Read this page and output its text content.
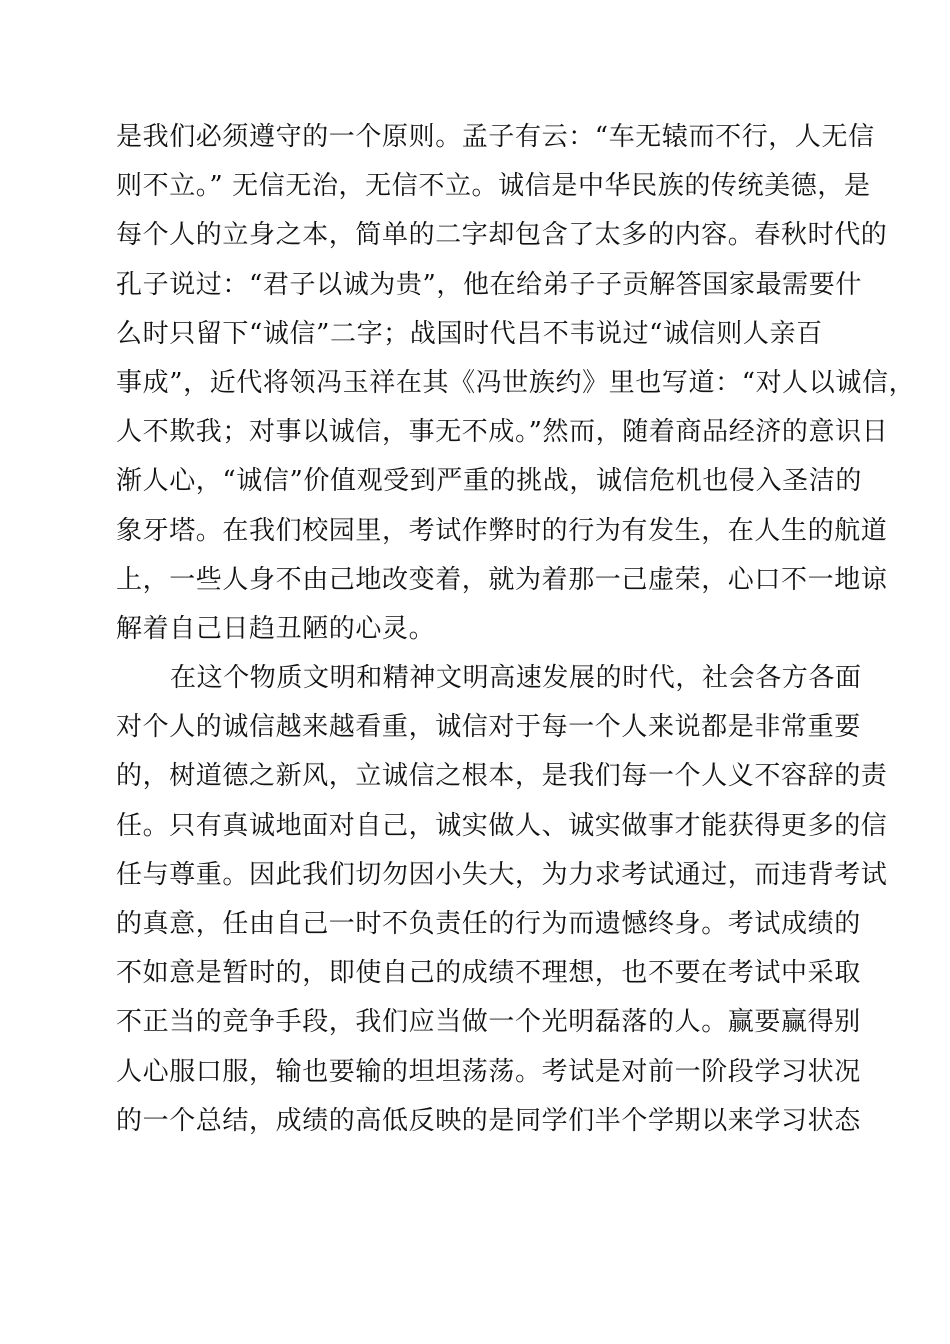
是我们必须遵守的一个原则。孟子有云：“车无辕而不行，人无信
则不立。” 无信无治，无信不立。诚信是中华民族的传统美德，是
每个人的立身之本，简单的二字却包含了太多的内容。春秋时代的
孔子说过：“君子以诚为贵”，他在给弟子子贡解答国家最需要什
么时只留下“诚信”二字；战国时代吕不韦说过“诚信则人亲百
事成”，近代将领冯玉祥在其《冯世族约》里也写道：“对人以诚信，
人不欺我；对事以诚信，事无不成。”然而，随着商品经济的意识日
渐人心，“诚信”价值观受到严重的挑战，诚信危机也侵入圣洁的
象牙塔。在我们校园里，考试作弊时的行为有发生，在人生的航道
上，一些人身不由己地改变着，就为着那一己虚荣，心口不一地谅
解着自己日趋丑陋的心灵。
在这个物质文明和精神文明高速发展的时代，社会各方各面
对个人的诚信越来越看重，诚信对于每一个人来说都是非常重要
的，树道德之新风，立诚信之根本，是我们每一个人义不容辞的责
任。只有真诚地面对自己，诚实做人、诚实做事才能获得更多的信
任与尊重。因此我们切勿因小失大，为力求考试通过，而违背考试
的真意，任由自己一时不负责任的行为而遗憾终身。考试成绩的
不如意是暂时的，即使自己的成绩不理想，也不要在考试中采取
不正当的竞争手段，我们应当做一个光明磊落的人。赢要赢得别
人心服口服，输也要输的坦坦荡荡。考试是对前一阶段学习状况
的一个总结，成绩的高低反映的是同学们半个学期以来学习状态
